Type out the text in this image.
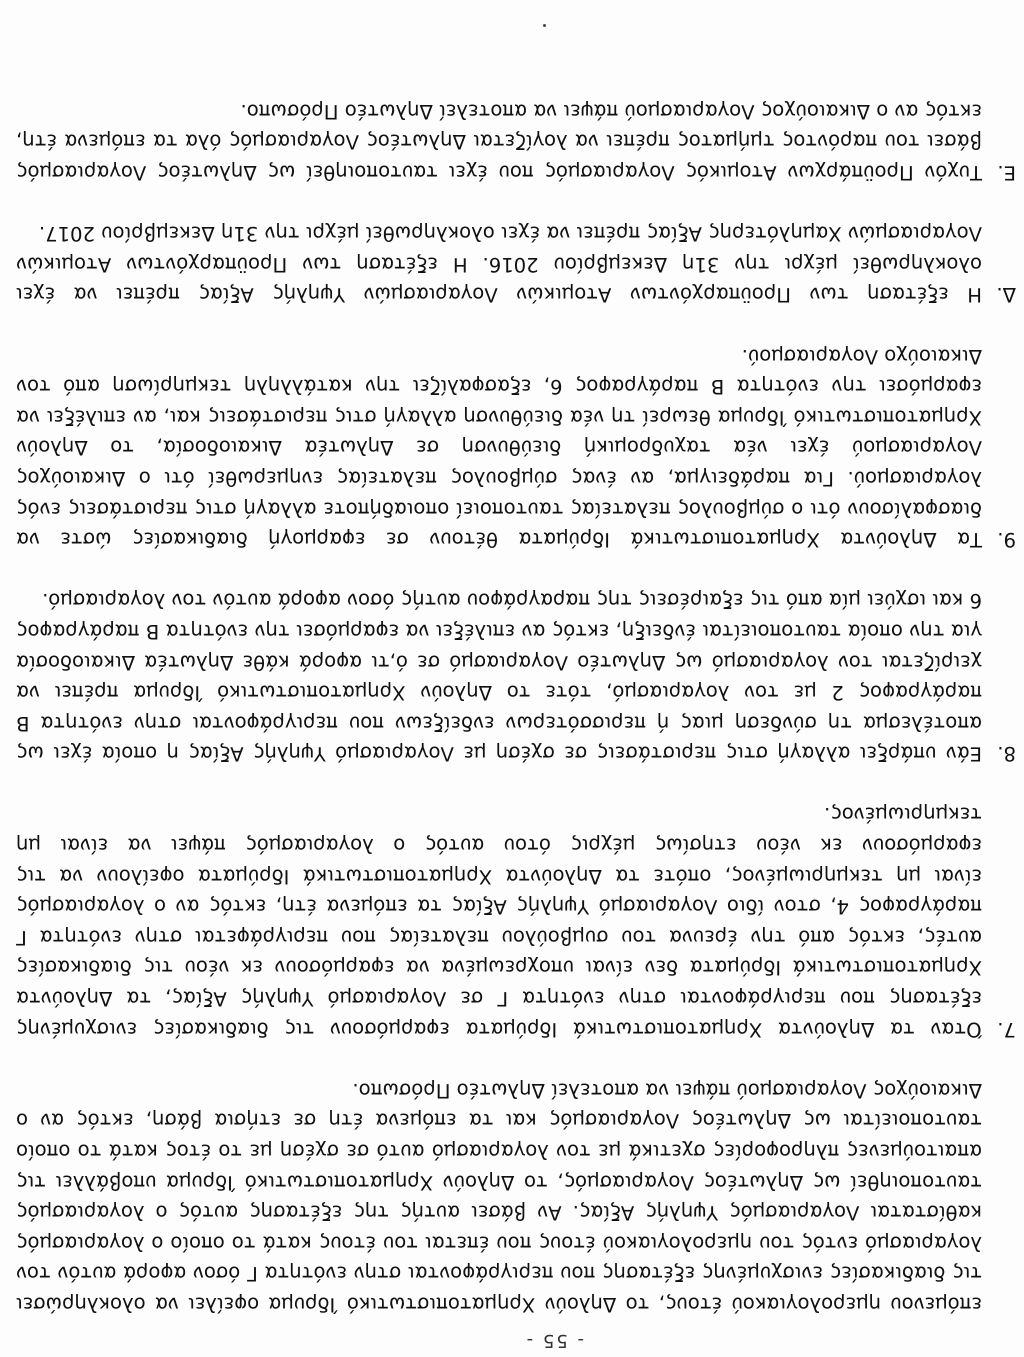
- 55 -
επόμενου ημερολογιακού έτους, το Δηλούν Χρηματοπιστωτικό Ίδρυμα οφείλει να ολοκληρώσει τις διαδικασίες ενισχυμένης εξέτασης που περιγράφονται στην ενότητα Γ όσον αφορά αυτόν τον λογαριασμό εντός του ημερολογιακού έτους που έπεται του έτους κατά το οποίο ο λογαριασμός καθίσταται Λογαριασμός Υψηλής Αξίας. Αν βάσει αυτής της εξέτασης αυτός ο λογαριασμός ταυτοποιηθεί ως Δηλωτέος Λογαριασμός, το Δηλούν Χρηματοπιστωτικό Ίδρυμα υποβάλλει τις απαιτούμενες πληροφορίες σχετικά με τον λογαριασμό αυτό σε σχέση με το έτος κατά το οποίο ταυτοποιείται ως Δηλωτέος Λογαριασμός και τα επόμενα έτη σε ετήσια βάση, εκτός αν ο Δικαιούχος Λογαριασμού πάψει να αποτελεί Δηλωτέο Πρόσωπο.
7.
Όταν τα Δηλούντα Χρηματοπιστωτικά Ιδρύματα εφαρμόσουν τις διαδικασίες ενισχυμένης εξέτασης που περιγράφονται στην ενότητα Γ σε Λογαριασμό Υψηλής Αξίας, τα Δηλούντα Χρηματοπιστωτικά Ιδρύματα δεν είναι υποχρεωμένα να εφαρμόσουν εκ νέου τις διαδικασίες αυτές, εκτός από την έρευνα του συμβούλου πελατείας που περιγράφεται στην ενότητα Γ παράγραφος 4, στον ίδιο Λογαριασμό Υψηλής Αξίας τα επόμενα έτη, εκτός αν ο λογαριασμός είναι μη τεκμηριωμένος, οπότε τα Δηλούντα Χρηματοπιστωτικά Ιδρύματα οφείλουν να τις εφαρμόσουν εκ νέου ετησίως μέχρις ότου αυτός ο λογαριασμός πάψει να είναι μη τεκμηριωμένος.
8.
Εάν υπάρξει αλλαγή στις περιστάσεις σε σχέση με Λογαριασμό Υψηλής Αξίας η οποία έχει ως αποτέλεσμα τη σύνδεση μιας ή περισσότερων ενδείξεων που περιγράφονται στην ενότητα Β παράγραφος 2 με τον λογαριασμό, τότε το Δηλούν Χρηματοπιστωτικό Ίδρυμα πρέπει να χειρίζεται τον λογαριασμό ως Δηλωτέο Λογαριασμό σε ό,τι αφορά κάθε Δηλωτέα Δικαιοδοσία για την οποία ταυτοποιείται ένδειξη, εκτός αν επιλέξει να εφαρμόσει την ενότητα Β παράγραφος 6 και ισχύει μία από τις εξαιρέσεις της παραγράφου αυτής όσον αφορά αυτόν τον λογαριασμό.
9.
Τα Δηλούντα Χρηματοπιστωτικά Ιδρύματα θέτουν σε εφαρμογή διαδικασίες ώστε να διασφαλίσουν ότι ο σύμβουλος πελατείας ταυτοποιεί οποιαδήποτε αλλαγή στις περιστάσεις ενός λογαριασμού. Για παράδειγμα, αν ένας σύμβουλος πελατείας ενημερωθεί ότι ο Δικαιούχος Λογαριασμού έχει νέα ταχυδρομική διεύθυνση σε Δηλωτέα Δικαιοδοσία, το Δηλούν Χρηματοπιστωτικό Ίδρυμα θεωρεί τη νέα διεύθυνση αλλαγή στις περιστάσεις και, αν επιλέξει να εφαρμόσει την ενότητα Β παράγραφος 6, εξασφαλίζει την κατάλληλη τεκμηρίωση από τον Δικαιούχο Λογαριασμού.
Δ.
Η εξέταση των Προϋπαρχόντων Ατομικών Λογαριασμών Υψηλής Αξίας πρέπει να έχει ολοκληρωθεί μέχρι την 31η Δεκεμβρίου 2016. Η εξέταση των Προϋπαρχόντων Ατομικών Λογαριασμών Χαμηλότερης Αξίας πρέπει να έχει ολοκληρωθεί μέχρι την 31η Δεκεμβρίου 2017.
Ε.
Τυχόν Προϋπάρχων Ατομικός Λογαριασμός που έχει ταυτοποιηθεί ως Δηλωτέος Λογαριασμός βάσει του παρόντος τμήματος πρέπει να λογίζεται Δηλωτέος Λογαριασμός όλα τα επόμενα έτη, εκτός αν ο Δικαιούχος Λογαριασμού πάψει να αποτελεί Δηλωτέο Πρόσωπο.
